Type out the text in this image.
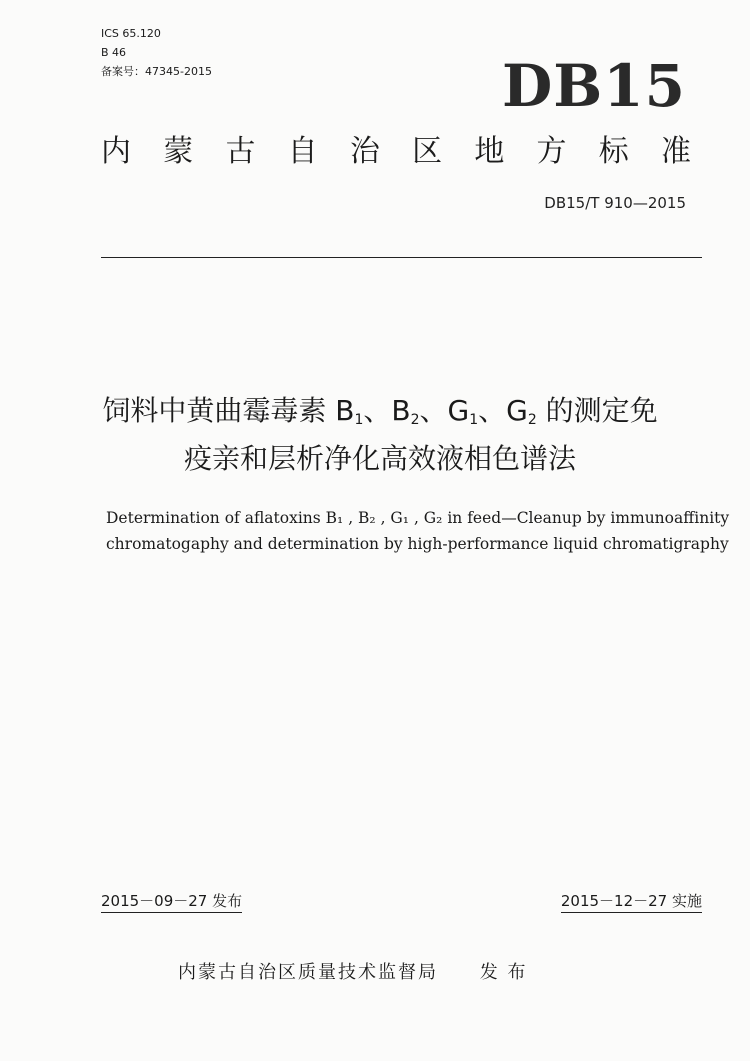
ICS 65.120
B 46
备案号：47345-2015	DB15
内 蒙 古 自 治 区 地 方 标 准
DB15/T 910—2015
饲料中黄曲霉毒素 $B_1$、$B_2$、$G_1$、$G_2$ 的测定免
疫亲和层析净化高效液相色谱法
Determination of aflatoxins B₁ , B₂ , G₁ , G₂ in feed—Cleanup by immunoaffinity
chromatogaphy and determination by high-performance liquid chromatigraphy
2015－09－27 发布	2015－12－27 实施
内蒙古自治区质量技术监督局 发 布
